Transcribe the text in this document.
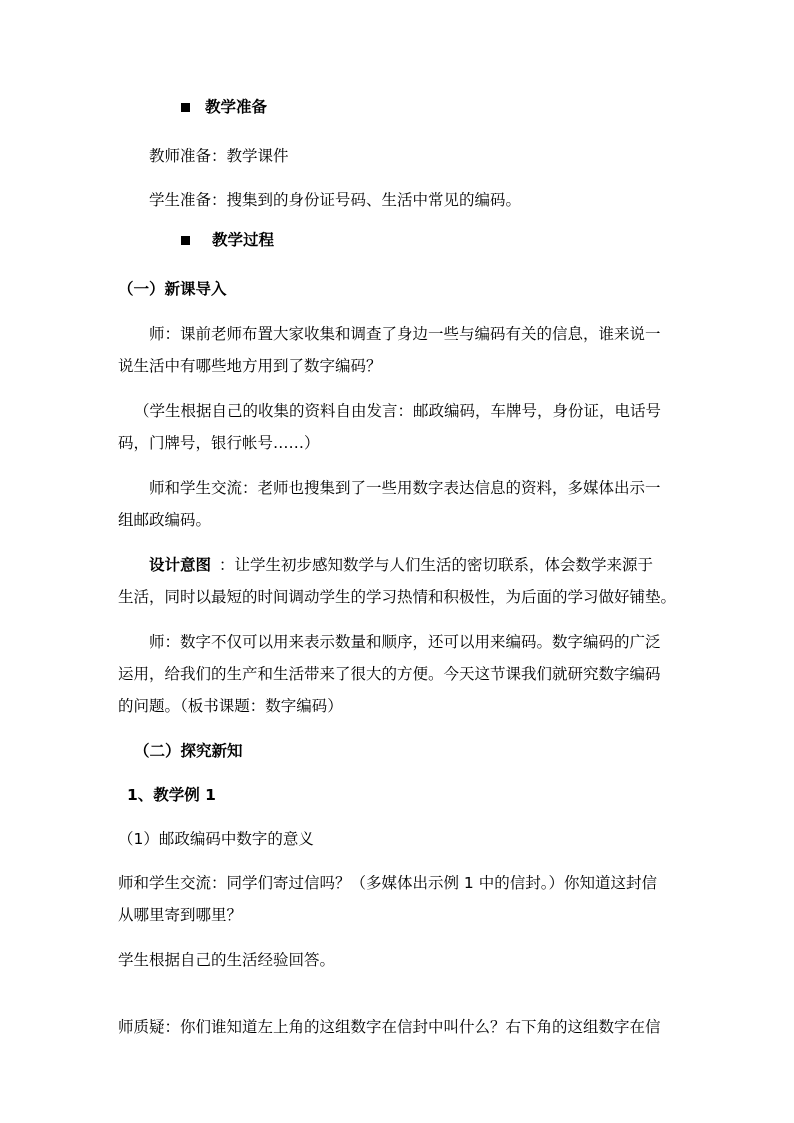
教学准备
教师准备：教学课件
学生准备：搜集到的身份证号码、生活中常见的编码。
教学过程
（一）新课导入
师：课前老师布置大家收集和调查了身边一些与编码有关的信息，谁来说一
说生活中有哪些地方用到了数字编码？
（学生根据自己的收集的资料自由发言：邮政编码，车牌号，身份证，电话号
码，门牌号，银行帐号……）
师和学生交流：老师也搜集到了一些用数字表达信息的资料，多媒体出示一
组邮政编码。
设计意图 ：让学生初步感知数学与人们生活的密切联系，体会数学来源于
生活，同时以最短的时间调动学生的学习热情和积极性，为后面的学习做好铺垫。
师：数字不仅可以用来表示数量和顺序，还可以用来编码。数字编码的广泛
运用，给我们的生产和生活带来了很大的方便。今天这节课我们就研究数字编码
的问题。（板书课题：数字编码）
（二）探究新知
1、教学例 1
（1）邮政编码中数字的意义
师和学生交流：同学们寄过信吗？（多媒体出示例 1 中的信封。）你知道这封信
从哪里寄到哪里？
学生根据自己的生活经验回答。
师质疑：你们谁知道左上角的这组数字在信封中叫什么？右下角的这组数字在信
